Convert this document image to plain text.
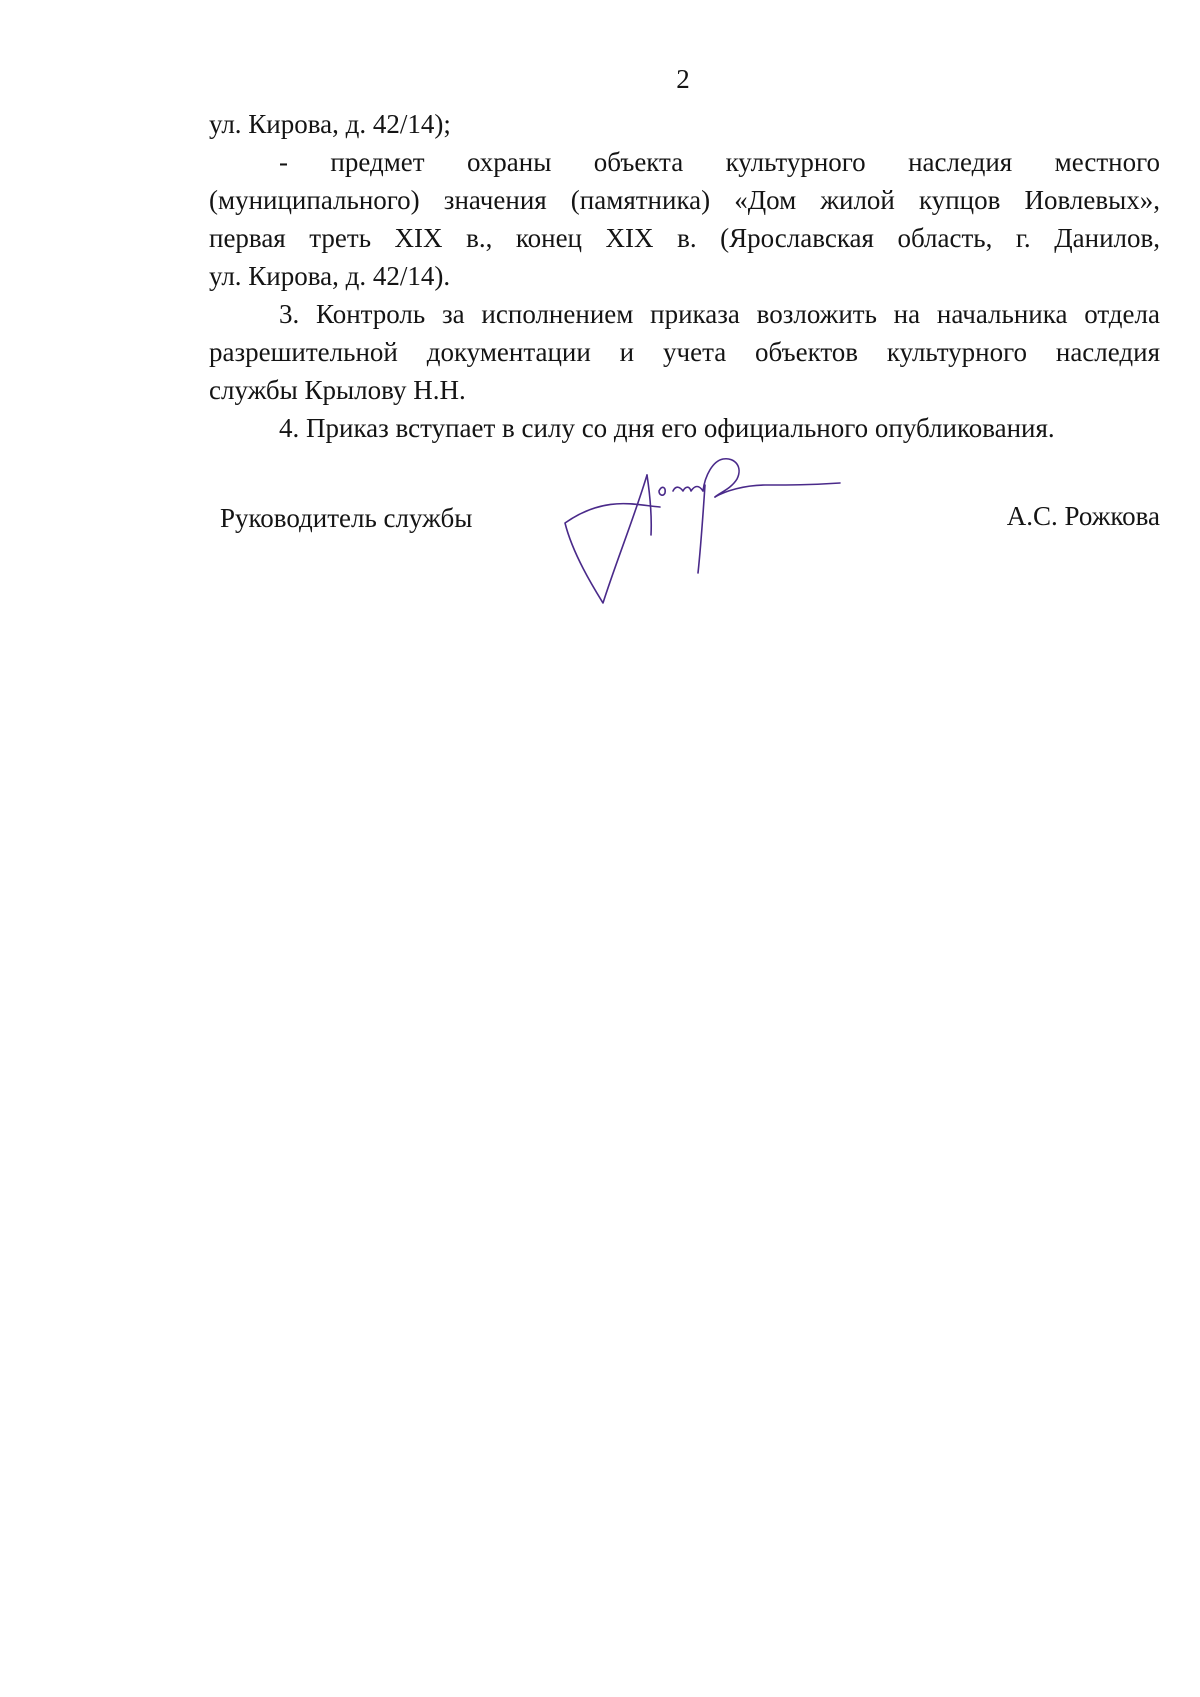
2
ул. Кирова, д. 42/14);
- предмет охраны объекта культурного наследия местного
(муниципального) значения (памятника) «Дом жилой купцов Иовлевых»,
первая треть XIX в., конец XIX в. (Ярославская область, г. Данилов,
ул. Кирова, д. 42/14).
3. Контроль за исполнением приказа возложить на начальника отдела
разрешительной документации и учета объектов культурного наследия
службы Крылову Н.Н.
4. Приказ вступает в силу со дня его официального опубликования.
Руководитель службы	А.С. Рожкова
